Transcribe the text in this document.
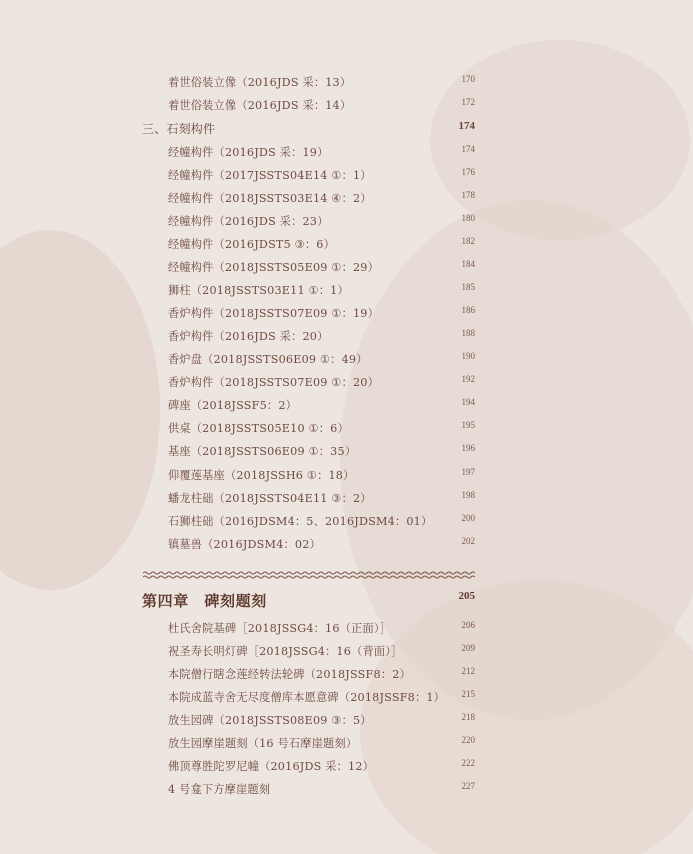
着世俗装立像（2016JDS 采：13）	170
着世俗装立像（2016JDS 采：14）	172
三、石刻构件	174
经幢构件（2016JDS 采：19）	174
经幢构件（2017JSSTS04E14 ①：1）	176
经幢构件（2018JSSTS03E14 ④：2）	178
经幢构件（2016JDS 采：23）	180
经幢构件（2016JDST5 ③：6）	182
经幢构件（2018JSSTS05E09 ①：29）	184
狮柱（2018JSSTS03E11 ①：1）	185
香炉构件（2018JSSTS07E09 ①：19）	186
香炉构件（2016JDS 采：20）	188
香炉盘（2018JSSTS06E09 ①：49）	190
香炉构件（2018JSSTS07E09 ①：20）	192
碑座（2018JSSF5：2）	194
供桌（2018JSSTS05E10 ①：6）	195
基座（2018JSSTS06E09 ①：35）	196
仰覆莲基座（2018JSSH6 ①：18）	197
蟠龙柱础（2018JSSTS04E11 ③：2）	198
石狮柱础（2016JDSM4：5、2016JDSM4：01）	200
镇墓兽（2016JDSM4：02）	202
第四章　碑刻题刻	205
杜氏舍院基碑［2018JSSG4：16（正面）］	206
祝圣寿长明灯碑［2018JSSG4：16（背面）］	209
本院僧行瞎念莲经转法轮碑（2018JSSF8：2）	212
本院成蓝寺舍无尽度僧库本愿意碑（2018JSSF8：1） 215
放生园碑（2018JSSTS08E09 ③：5）	218
放生园摩崖题刻（16 号石摩崖题刻）	220
佛顶尊胜陀罗尼幢（2016JDS 采：12）	222
4 号龛下方摩崖题刻	227
